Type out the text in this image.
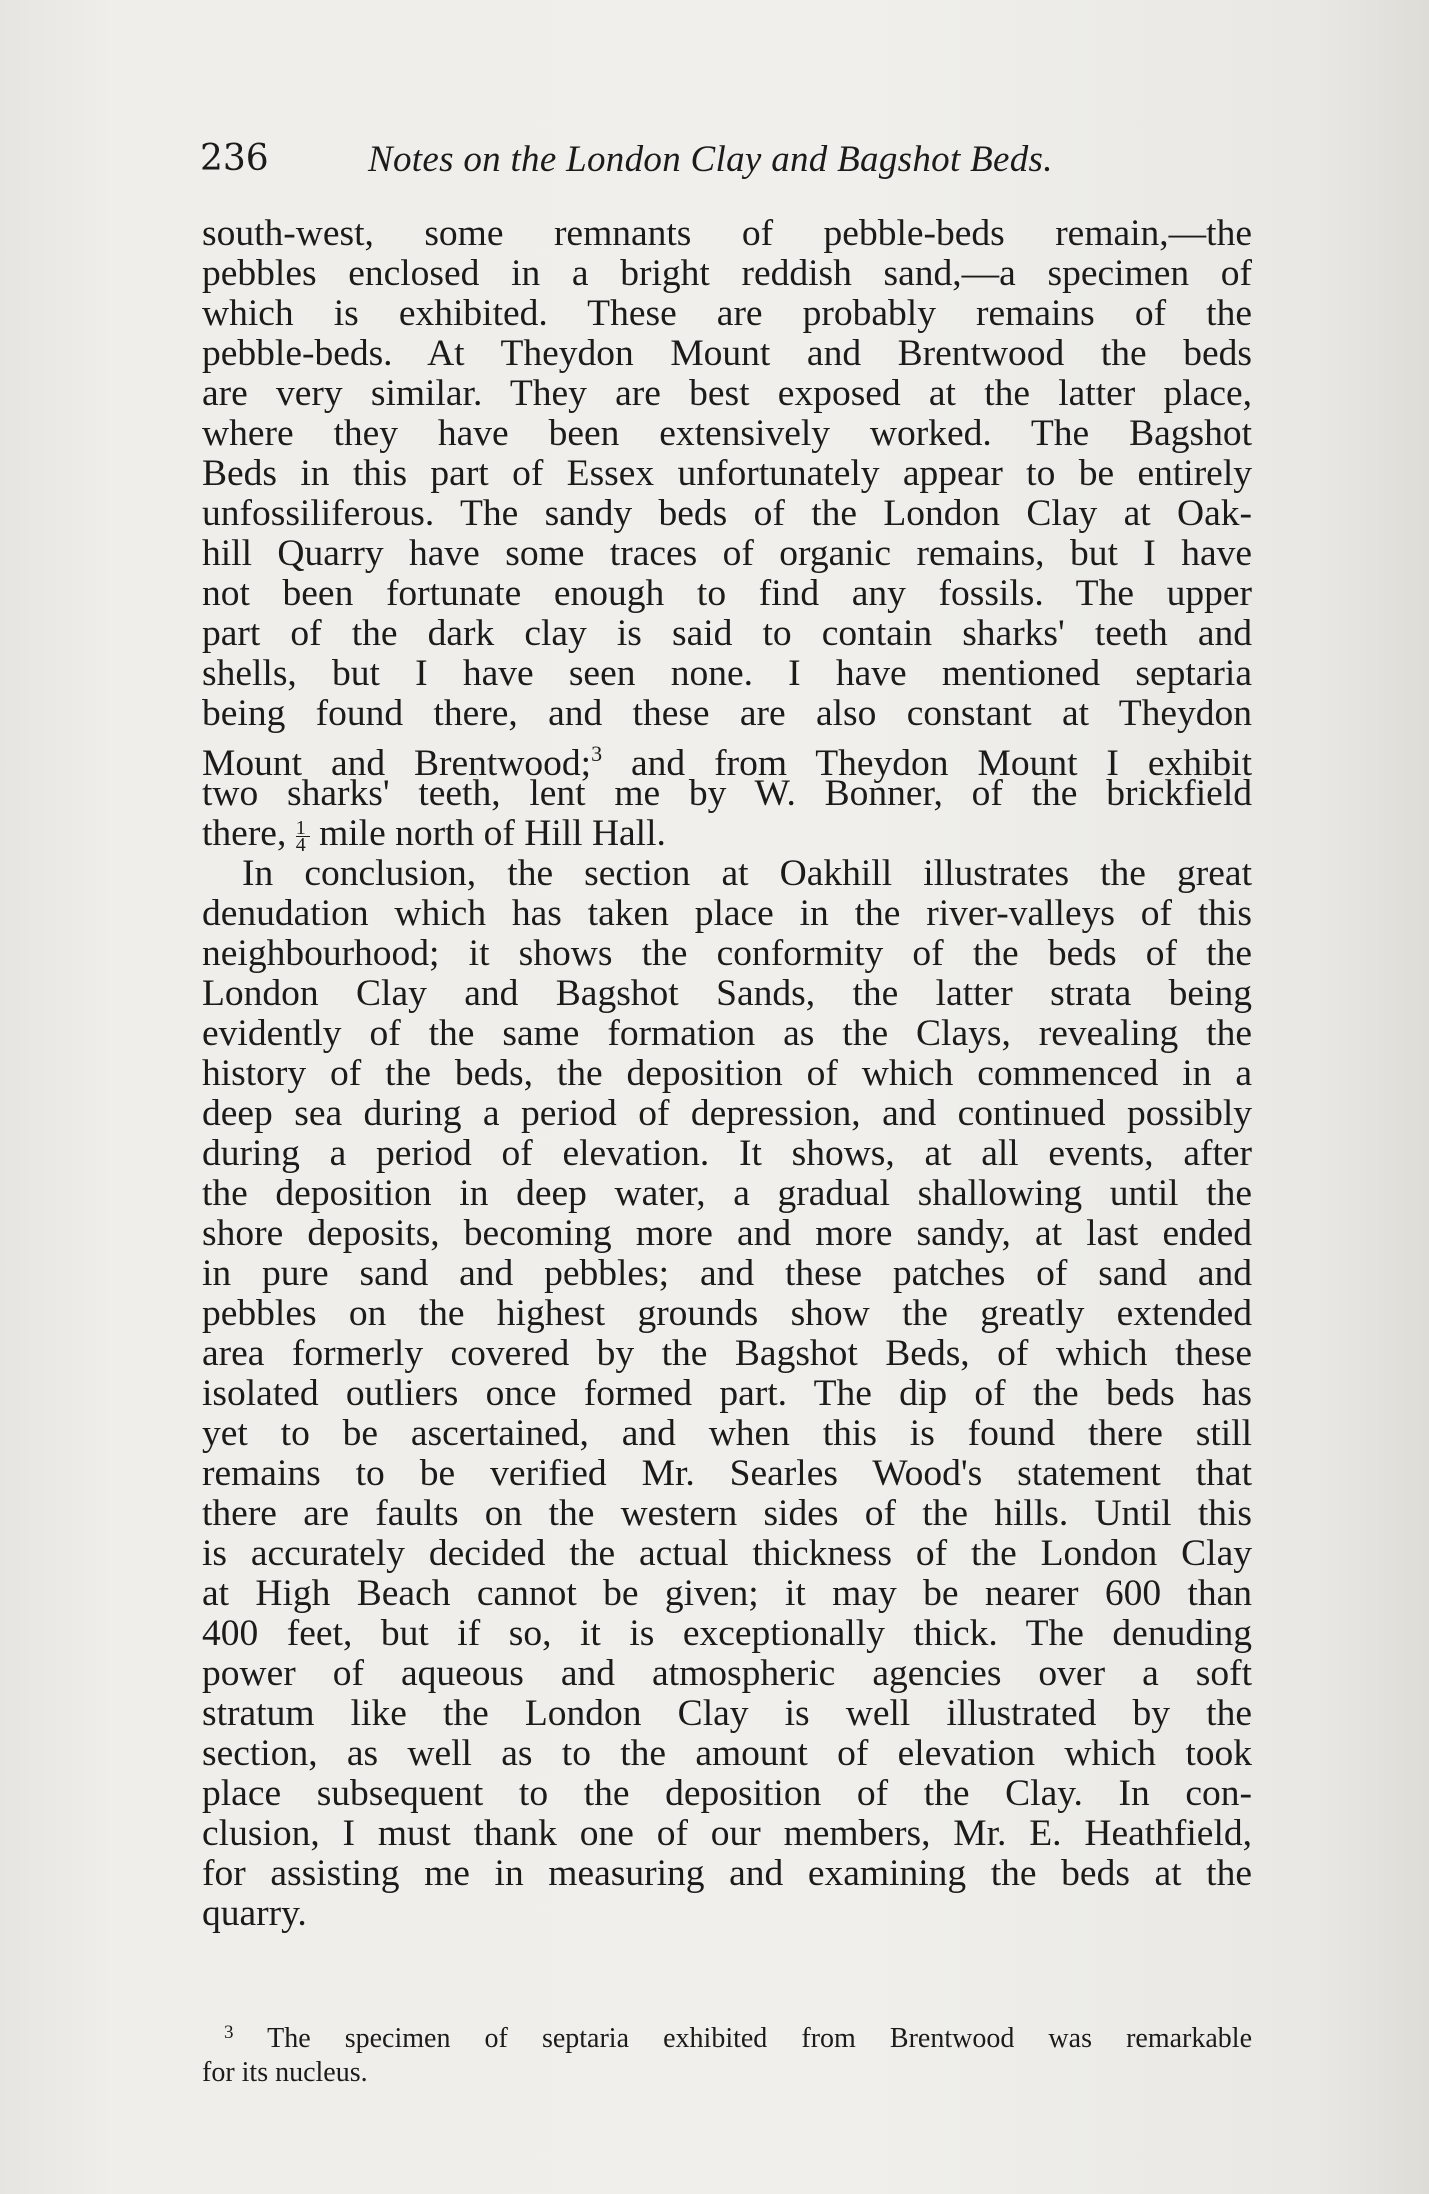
236	Notes on the London Clay and Bagshot Beds.
south-west, some remnants of pebble-beds remain,—the
pebbles enclosed in a bright reddish sand,—a specimen of
which is exhibited. These are probably remains of the
pebble-beds. At Theydon Mount and Brentwood the beds
are very similar. They are best exposed at the latter place,
where they have been extensively worked. The Bagshot
Beds in this part of Essex unfortunately appear to be entirely
unfossiliferous. The sandy beds of the London Clay at Oak-
hill Quarry have some traces of organic remains, but I have
not been fortunate enough to find any fossils. The upper
part of the dark clay is said to contain sharks' teeth and
shells, but I have seen none. I have mentioned septaria
being found there, and these are also constant at Theydon
Mount and Brentwood;$^3$ and from Theydon Mount I exhibit
two sharks' teeth, lent me by W. Bonner, of the brickfield
there, $\frac{1}{4}$ mile north of Hill Hall.
In conclusion, the section at Oakhill illustrates the great
denudation which has taken place in the river-valleys of this
neighbourhood; it shows the conformity of the beds of the
London Clay and Bagshot Sands, the latter strata being
evidently of the same formation as the Clays, revealing the
history of the beds, the deposition of which commenced in a
deep sea during a period of depression, and continued possibly
during a period of elevation. It shows, at all events, after
the deposition in deep water, a gradual shallowing until the
shore deposits, becoming more and more sandy, at last ended
in pure sand and pebbles; and these patches of sand and
pebbles on the highest grounds show the greatly extended
area formerly covered by the Bagshot Beds, of which these
isolated outliers once formed part. The dip of the beds has
yet to be ascertained, and when this is found there still
remains to be verified Mr. Searles Wood's statement that
there are faults on the western sides of the hills. Until this
is accurately decided the actual thickness of the London Clay
at High Beach cannot be given; it may be nearer 600 than
400 feet, but if so, it is exceptionally thick. The denuding
power of aqueous and atmospheric agencies over a soft
stratum like the London Clay is well illustrated by the
section, as well as to the amount of elevation which took
place subsequent to the deposition of the Clay. In con-
clusion, I must thank one of our members, Mr. E. Heathfield,
for assisting me in measuring and examining the beds at the
quarry.
$^3$ The specimen of septaria exhibited from Brentwood was remarkable
for its nucleus.
